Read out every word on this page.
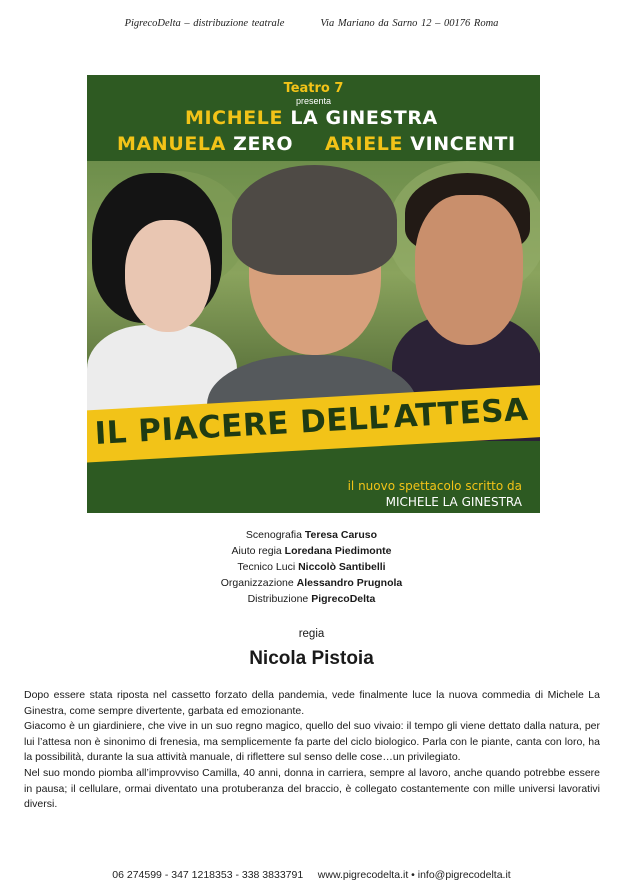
PigrecoDelta – distribuzione teatrale	Via Mariano da Sarno 12 – 00176 Roma
IL PIACERE DELL’ATTESA
Teatro 7
presenta
MICHELE LA GINESTRA
MANUELA ZERO ARIELE VINCENTI
il nuovo spettacolo scritto da
MICHELE LA GINESTRA
Scenografia Teresa Caruso
Aiuto regia Loredana Piedimonte
Tecnico Luci Niccolò Santibelli
Organizzazione Alessandro Prugnola
Distribuzione PigrecoDelta
regia
Nicola Pistoia

Dopo essere stata riposta nel cassetto forzato della pandemia, vede finalmente luce la nuova commedia di Michele La Ginestra, come sempre divertente, garbata ed emozionante.

Giacomo è un giardiniere, che vive in un suo regno magico, quello del suo vivaio: il tempo gli viene dettato dalla natura, per lui l’attesa non è sinonimo di frenesia, ma semplicemente fa parte del ciclo biologico. Parla con le piante, canta con loro, ha la possibilità, durante la sua attività manuale, di riflettere sul senso delle cose…un privilegiato.

Nel suo mondo piomba all’improvviso Camilla, 40 anni, donna in carriera, sempre al lavoro, anche quando potrebbe essere in pausa; il cellulare, ormai diventato una protuberanza del braccio, è collegato costantemente con mille universi lavorativi diversi.

06 274599 - 347 1218353 - 338 3833791     www.pigrecodelta.it • info@pigrecodelta.it
